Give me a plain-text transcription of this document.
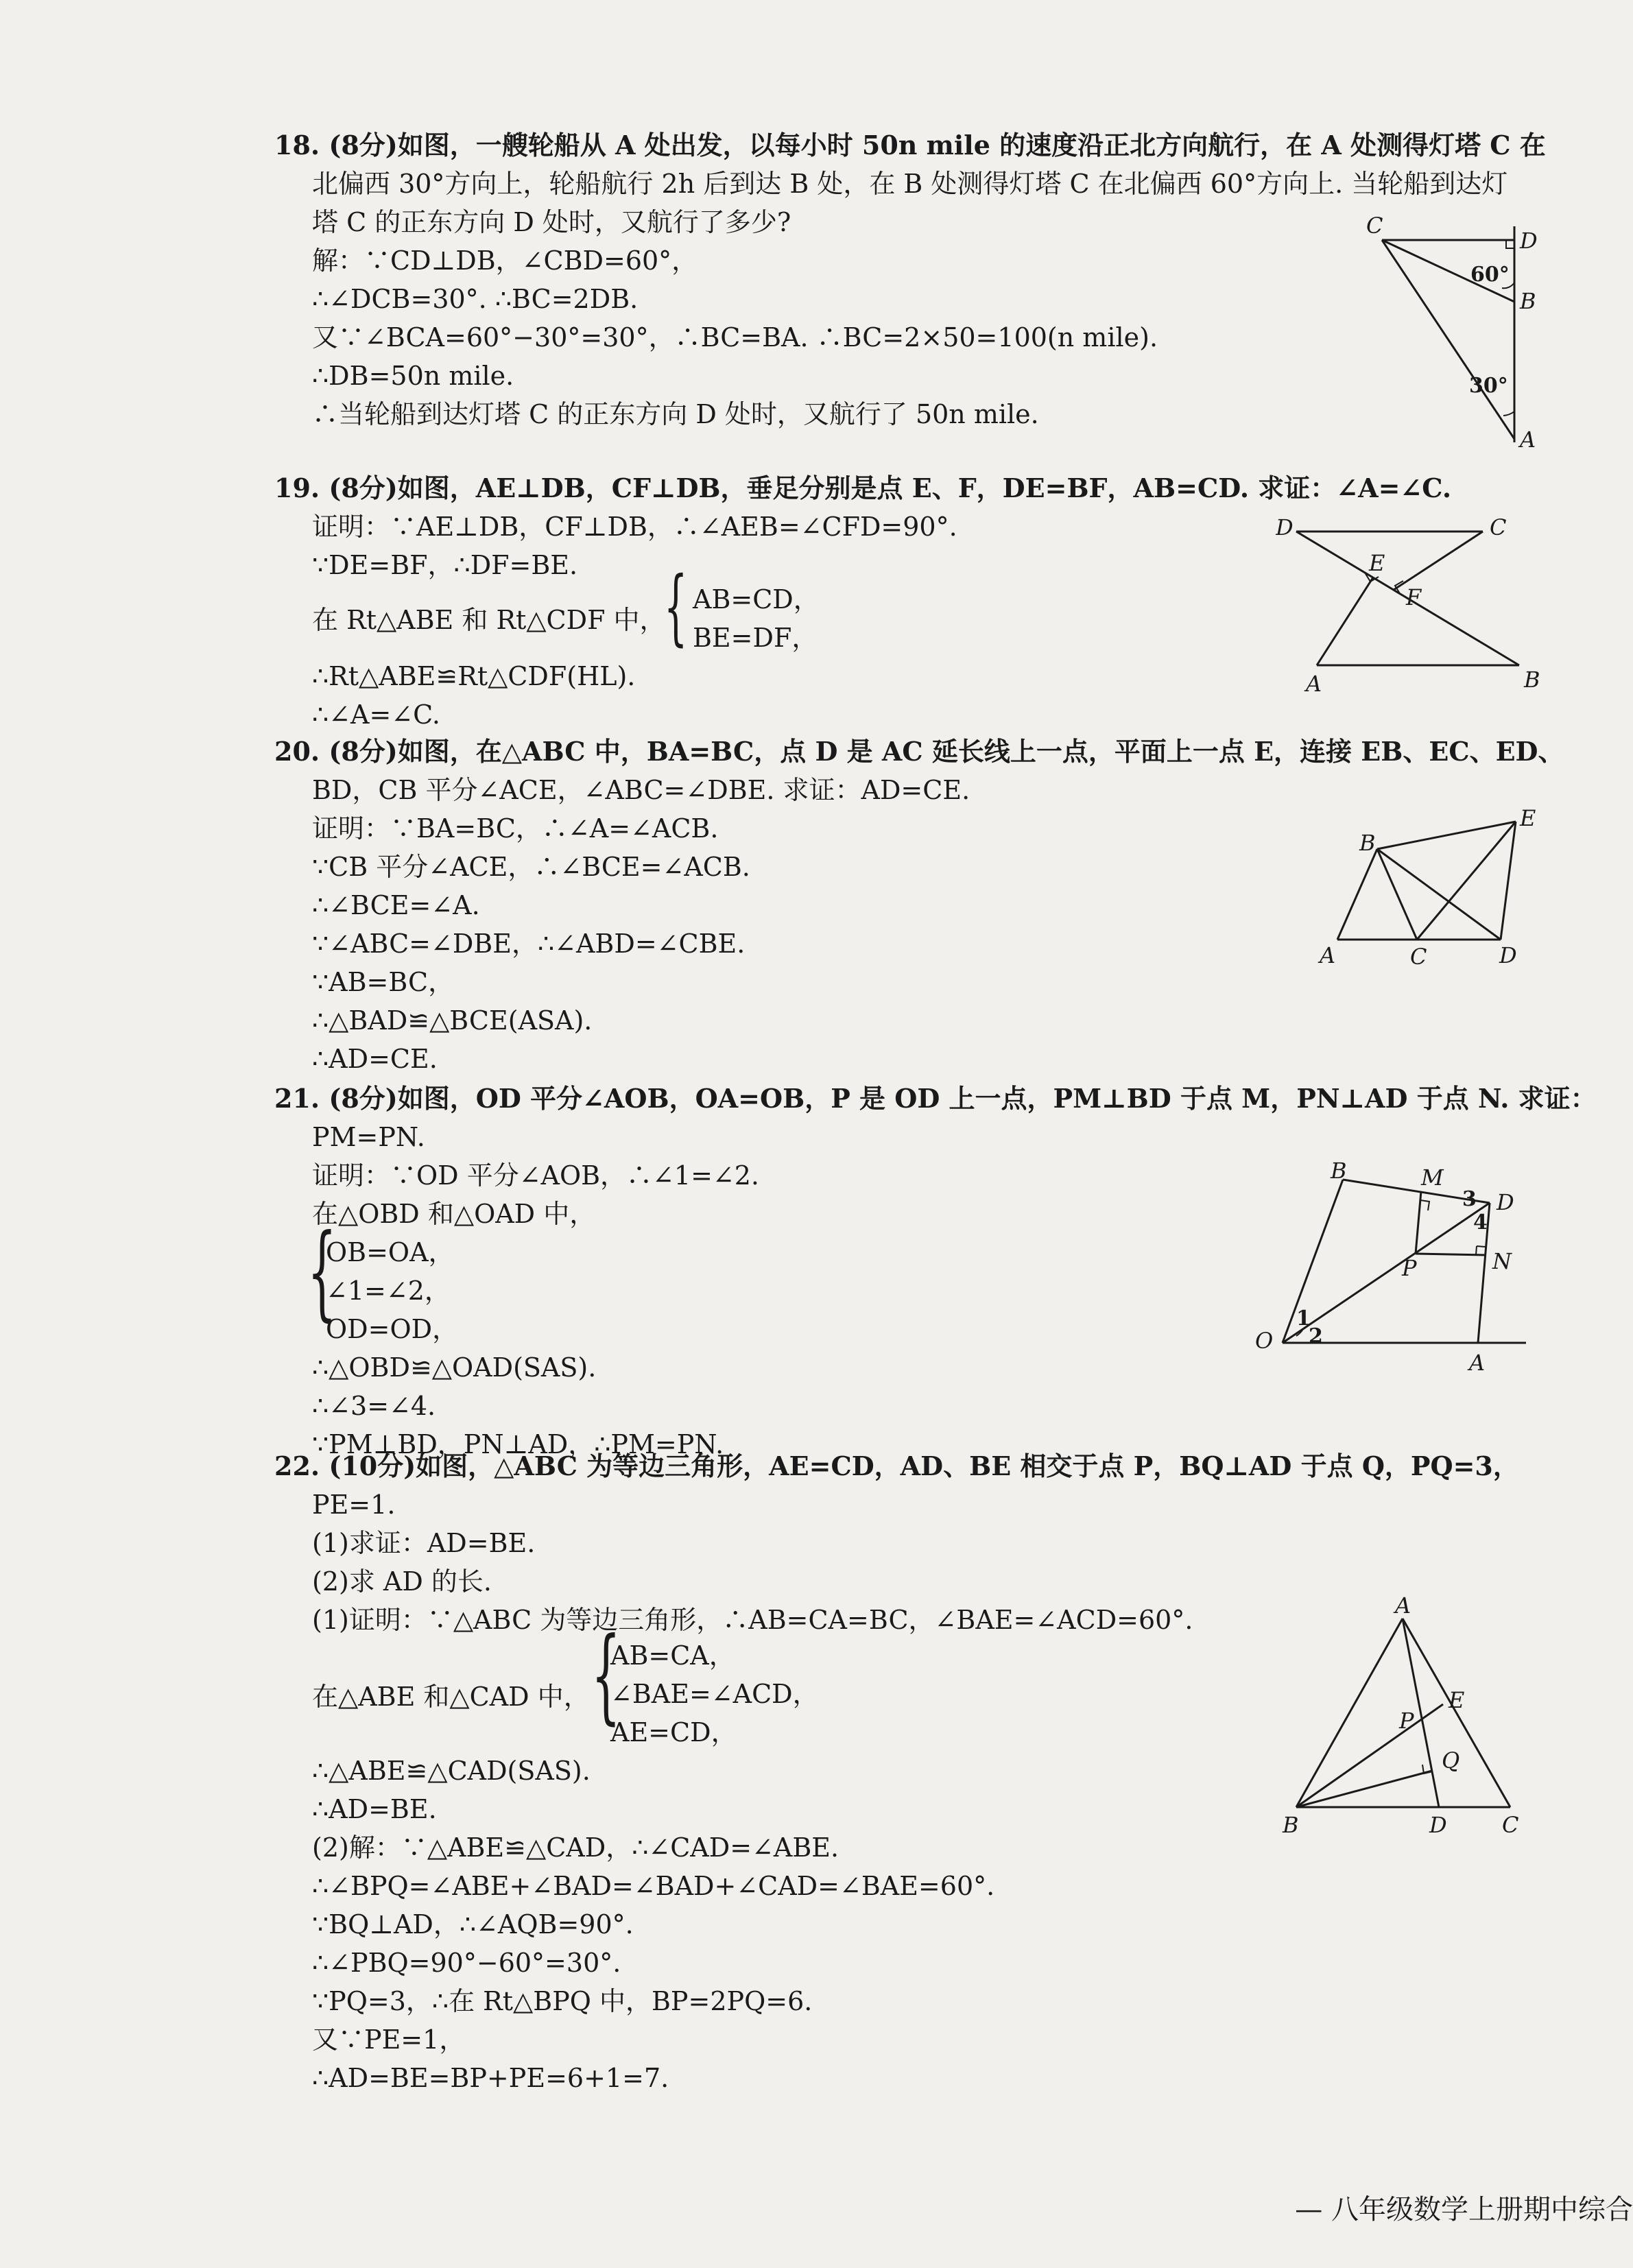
18. (8分)如图，一艘轮船从 A 处出发，以每小时 50n mile 的速度沿正北方向航行，在 A 处测得灯塔 C 在
北偏西 30°方向上，轮船航行 2h 后到达 B 处，在 B 处测得灯塔 C 在北偏西 60°方向上. 当轮船到达灯
塔 C 的正东方向 D 处时，又航行了多少?
解：∵CD⊥DB，∠CBD=60°，
∴∠DCB=30°. ∴BC=2DB.
又∵∠BCA=60°−30°=30°，∴BC=BA. ∴BC=2×50=100(n mile).
∴DB=50n mile.
∴当轮船到达灯塔 C 的正东方向 D 处时，又航行了 50n mile.
C
D
B
A
60°
30°
19. (8分)如图，AE⊥DB，CF⊥DB，垂足分别是点 E、F，DE=BF，AB=CD. 求证：∠A=∠C.
证明：∵AE⊥DB，CF⊥DB，∴∠AEB=∠CFD=90°.
∵DE=BF，∴DF=BE.
在 Rt△ABE 和 Rt△CDF 中，
{ AB=CD，
BE=DF，
∴Rt△ABE≌Rt△CDF(HL).
∴∠A=∠C.
D	C
E
F
A	B
20. (8分)如图，在△ABC 中，BA=BC，点 D 是 AC 延长线上一点，平面上一点 E，连接 EB、EC、ED、
BD，CB 平分∠ACE，∠ABC=∠DBE. 求证：AD=CE.
证明：∵BA=BC，∴∠A=∠ACB.
∵CB 平分∠ACE，∴∠BCE=∠ACB.
∴∠BCE=∠A.
∵∠ABC=∠DBE，∴∠ABD=∠CBE.
∵AB=BC，
∴△BAD≌△BCE(ASA).
∴AD=CE.
B
E
A	C	D
21. (8分)如图，OD 平分∠AOB，OA=OB，P 是 OD 上一点，PM⊥BD 于点 M，PN⊥AD 于点 N. 求证：
PM=PN.
证明：∵OD 平分∠AOB，∴∠1=∠2.
在△OBD 和△OAD 中，
{
OB=OA，
∠1=∠2，
OD=OD，
∴△OBD≌△OAD(SAS).
∴∠3=∠4.
∵PM⊥BD，PN⊥AD，∴PM=PN.
B	M
D
P	N
O
A
1
2
3
4
22. (10分)如图，△ABC 为等边三角形，AE=CD，AD、BE 相交于点 P，BQ⊥AD 于点 Q，PQ=3，
PE=1.
(1)求证：AD=BE.
(2)求 AD 的长.
(1)证明：∵△ABC 为等边三角形，∴AB=CA=BC，∠BAE=∠ACD=60°.
在△ABE 和△CAD 中， {
AB=CA，
∠BAE=∠ACD，
AE=CD，
∴△ABE≌△CAD(SAS).
∴AD=BE.
(2)解：∵△ABE≌△CAD，∴∠CAD=∠ABE.
∴∠BPQ=∠ABE+∠BAD=∠BAD+∠CAD=∠BAE=60°.
∵BQ⊥AD，∴∠AQB=90°.
∴∠PBQ=90°−60°=30°.
∵PQ=3，∴在 Rt△BPQ 中，BP=2PQ=6.
又∵PE=1，
∴AD=BE=BP+PE=6+1=7.
A
E
P
Q
B	D	C
— 八年级数学上册期中综合
